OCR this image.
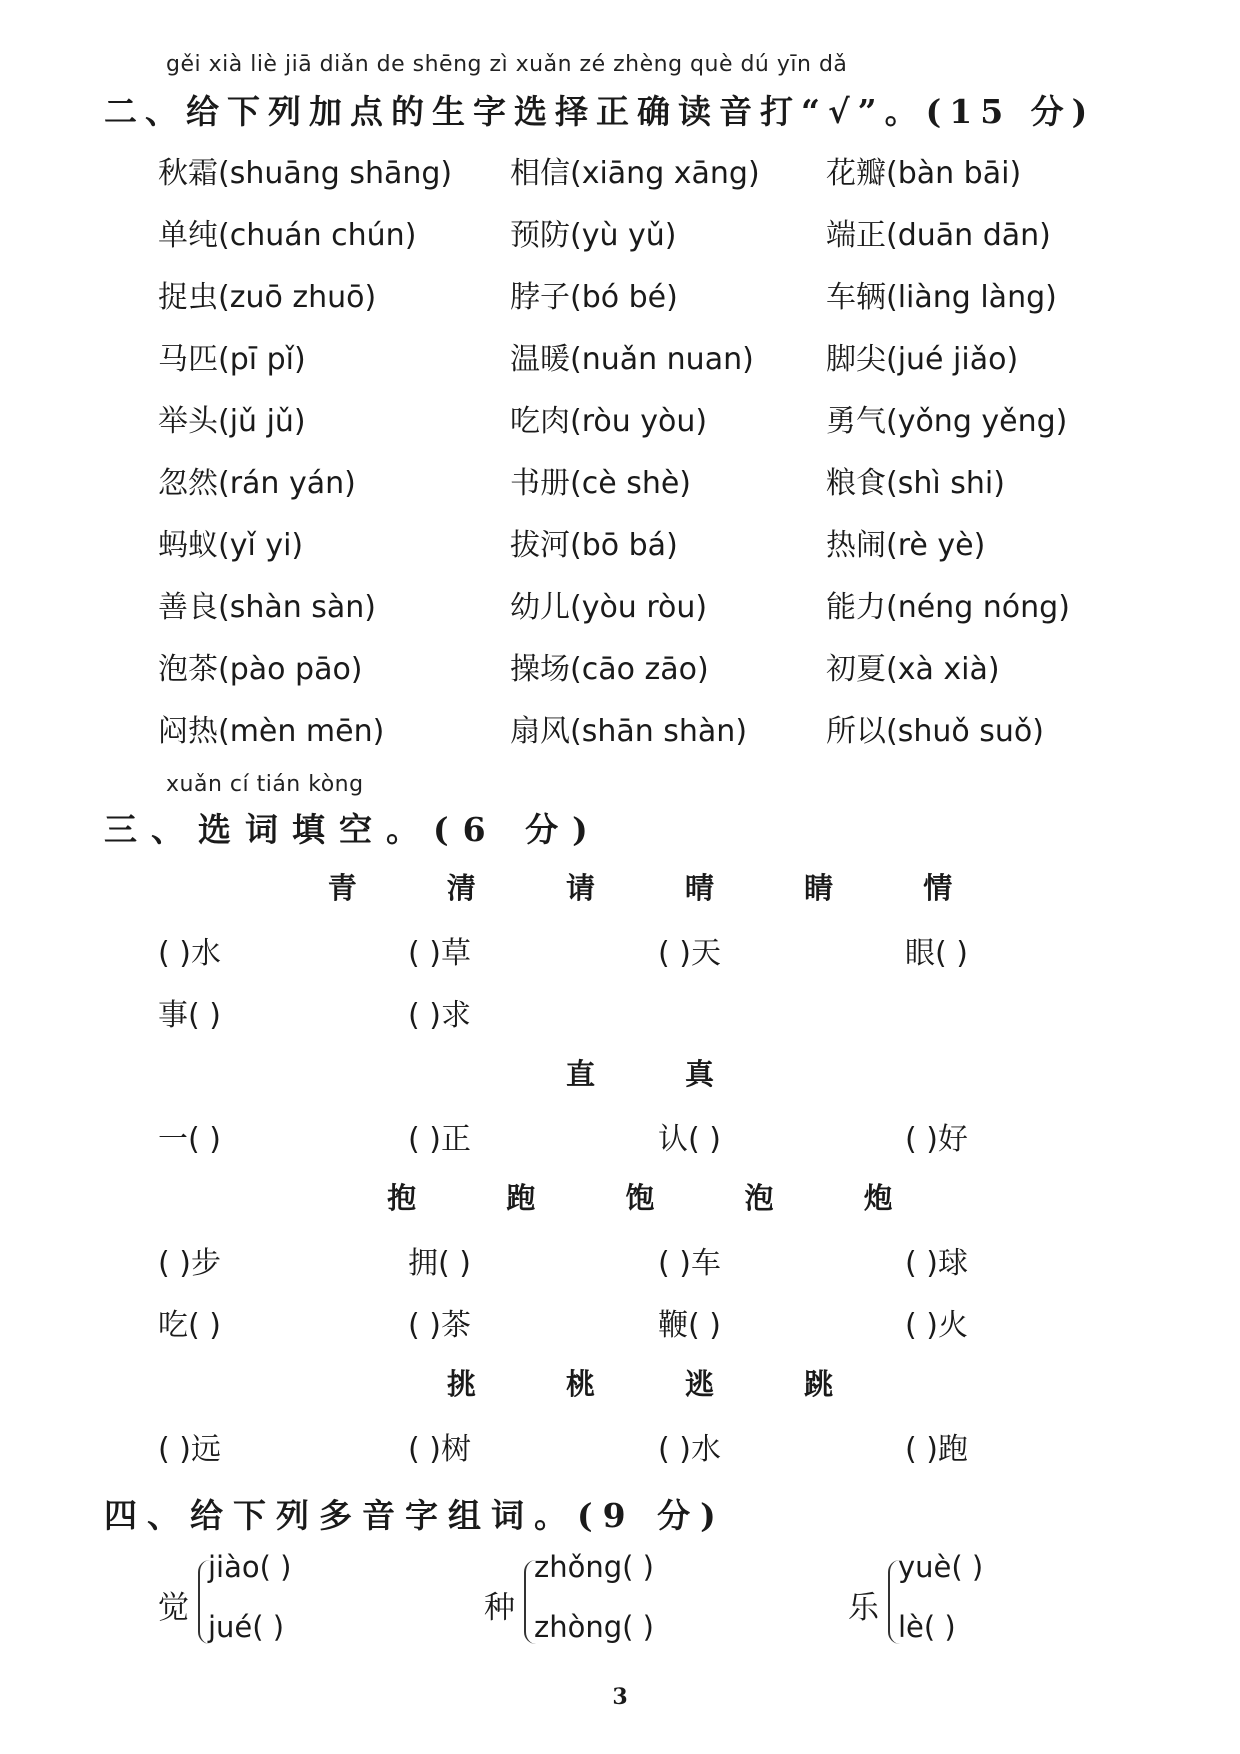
gěi xià liè jiā diǎn de shēng zì xuǎn zé zhèng què dú yīn dǎ
二、给下列加点的生字选择正确读音打“√”。(15 分)
秋霜(shuāng shāng) 相信(xiāng xāng) 花瓣(bàn bāi)
单纯(chuán chún)	预防(yù yǔ)	端正(duān dān)
捉虫(zuō zhuō)	脖子(bó bé)	车辆(liàng làng)
马匹(pī pǐ)	温暖(nuǎn nuan) 脚尖(jué jiǎo)
举头(jǔ jǔ)	吃肉(ròu yòu)	勇气(yǒng yěng)
忽然(rán yán)	书册(cè shè)	粮食(shì shi)
蚂蚁(yǐ yi)	拔河(bō bá)	热闹(rè yè)
善良(shàn sàn)	幼儿(yòu ròu)	能力(néng nóng)
泡茶(pào pāo)	操场(cāo zāo)	初夏(xà xià)
闷热(mèn mēn)	扇风(shān shàn)	所以(shuǒ suǒ)
xuǎn cí tián kòng
三、选词填空。(6 分)
青 清 请 晴 睛 情
( )水	( )草	( )天	眼( )
事( )	( )求
直 真
一( )	( )正	认( )	( )好
抱 跑 饱 泡 炮
( )步	拥( )	( )车	( )球
吃( )	( )茶	鞭( )	( )火
挑 桃 逃 跳
( )远	( )树	( )水	( )跑
四、给下列多音字组词。(9 分)
觉
jiào( )
jué( )
种
zhǒng( )
zhòng( )
乐
yuè( )
lè( )
3
